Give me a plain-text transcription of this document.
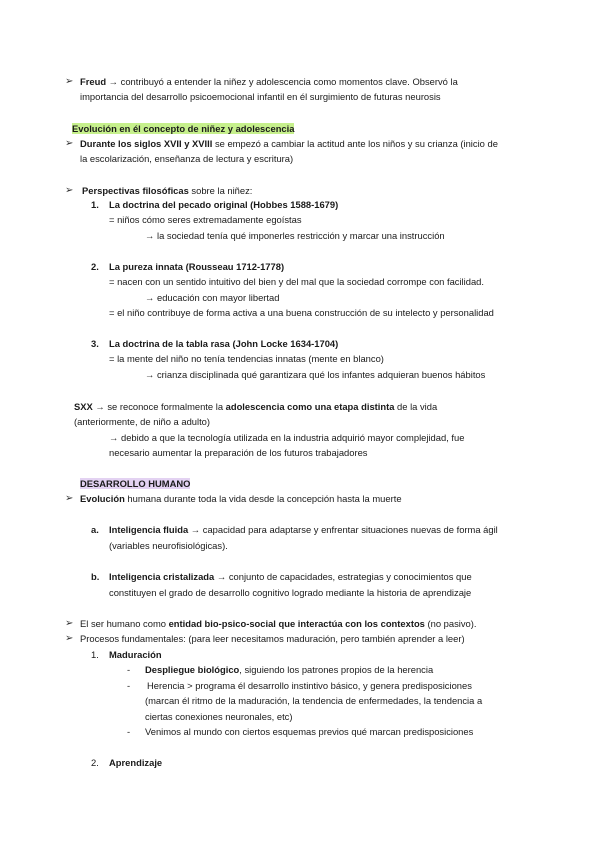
➢ Freud → contribuyó a entender la niñez y adolescencia como momentos clave. Observó la
importancia del desarrollo psicoemocional infantil en él surgimiento de futuras neurosis
Evolución en él concepto de niñez y adolescencia
➢ Durante los siglos XVII y XVIII se empezó a cambiar la actitud ante los niños y su crianza (inicio de
la escolarización, enseñanza de lectura y escritura)
➢ Perspectivas filosóficas sobre la niñez:
1. La doctrina del pecado original (Hobbes 1588-1679)
= niños cómo seres extremadamente egoístas
→ la sociedad tenía qué imponerles restricción y marcar una instrucción
2. La pureza innata (Rousseau 1712-1778)
= nacen con un sentido intuitivo del bien y del mal que la sociedad corrompe con facilidad.
→ educación con mayor libertad
= el niño contribuye de forma activa a una buena construcción de su intelecto y personalidad
3. La doctrina de la tabla rasa (John Locke 1634-1704)
= la mente del niño no tenía tendencias innatas (mente en blanco)
→ crianza disciplinada qué garantizara qué los infantes adquieran buenos hábitos
SXX → se reconoce formalmente la adolescencia como una etapa distinta de la vida
(anteriormente, de niño a adulto)
→ debido a que la tecnología utilizada en la industria adquirió mayor complejidad, fue
necesario aumentar la preparación de los futuros trabajadores
DESARROLLO HUMANO
➢ Evolución humana durante toda la vida desde la concepción hasta la muerte
a. Inteligencia fluida → capacidad para adaptarse y enfrentar situaciones nuevas de forma ágil
(variables neurofisiológicas).
b. Inteligencia cristalizada → conjunto de capacidades, estrategias y conocimientos que
constituyen el grado de desarrollo cognitivo logrado mediante la historia de aprendizaje
➢ El ser humano como entidad bio-psico-social que interactúa con los contextos (no pasivo).
➢ Procesos fundamentales: (para leer necesitamos maduración, pero también aprender a leer)
1. Maduración
- Despliegue biológico, siguiendo los patrones propios de la herencia
- Herencia > programa él desarrollo instintivo básico, y genera predisposiciones
(marcan él ritmo de la maduración, la tendencia de enfermedades, la tendencia a
ciertas conexiones neuronales, etc)
- Venimos al mundo con ciertos esquemas previos qué marcan predisposiciones
2. Aprendizaje
